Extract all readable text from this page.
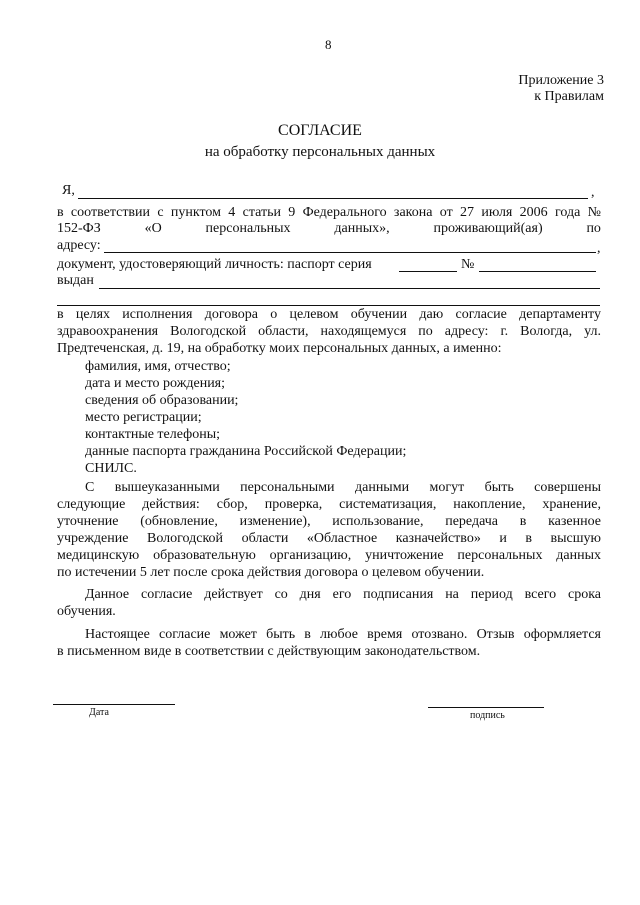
8
Приложение 3
к Правилам
СОГЛАСИЕ
на обработку персональных данных
Я,	,
в соответствии с пунктом 4 статьи 9 Федерального закона от 27 июля 2006 года №
152-ФЗ	«О	персональных	данных»,	проживающий(ая)	по
адресу:	,
документ, удостоверяющий личность: паспорт серия	№
выдан
в целях исполнения договора о целевом обучении даю согласие департаменту
здравоохранения Вологодской области, находящемуся по адресу: г. Вологда, ул.
Предтеченская, д. 19, на обработку моих персональных данных, а именно:
фамилия, имя, отчество;
дата и место рождения;
сведения об образовании;
место регистрации;
контактные телефоны;
данные паспорта гражданина Российской Федерации;
СНИЛС.
С вышеуказанными персональными данными могут быть совершены
следующие действия: сбор, проверка, систематизация, накопление, хранение,
уточнение (обновление, изменение), использование, передача в казенное
учреждение Вологодской области «Областное казначейство» и в высшую
медицинскую образовательную организацию, уничтожение персональных данных
по истечении 5 лет после срока действия договора о целевом обучении.
Данное согласие действует со дня его подписания на период всего срока
обучения.
Настоящее согласие может быть в любое время отозвано. Отзыв оформляется
в письменном виде в соответствии с действующим законодательством.
Дата	подпись
